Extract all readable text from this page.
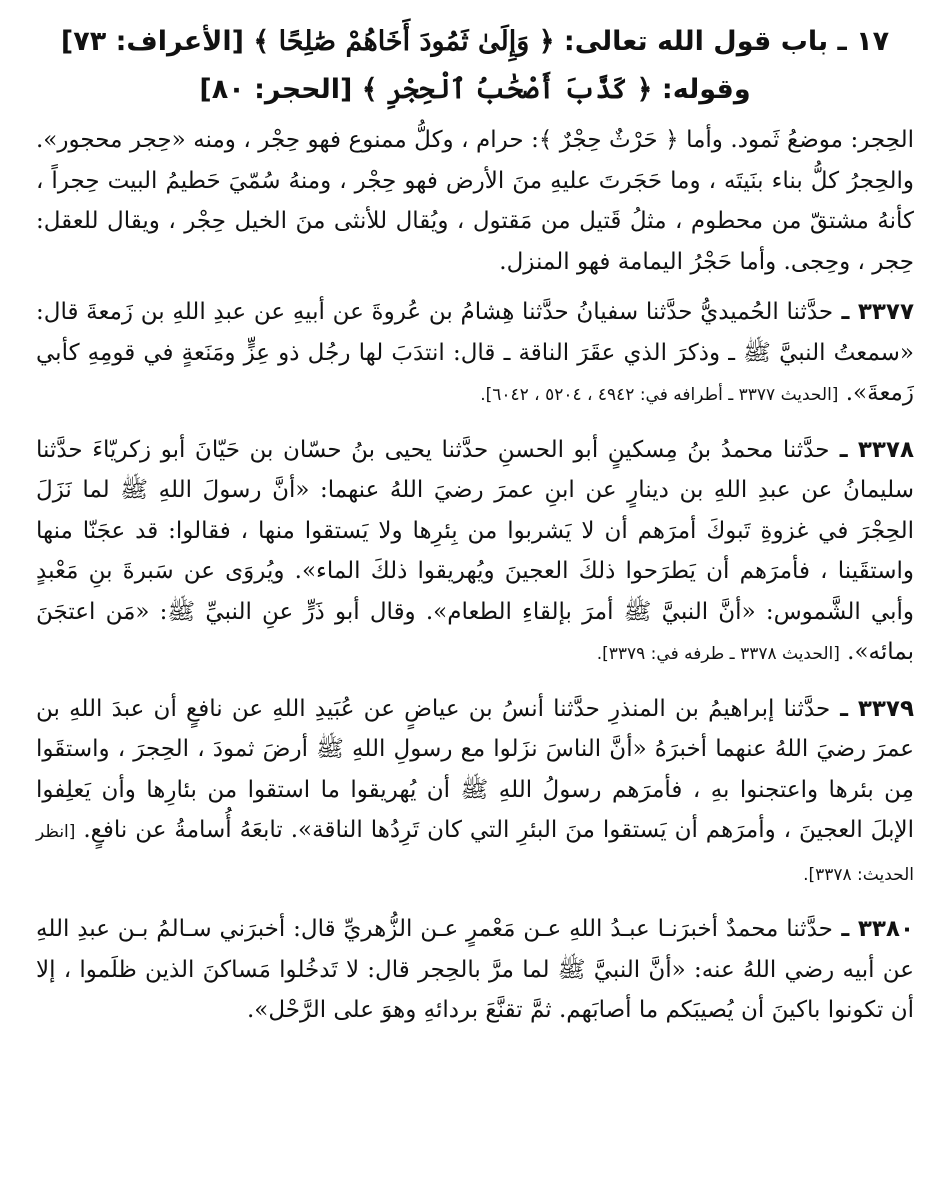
١٧ ـ باب قول الله تعالى: ﴿ وَإِلَىٰ ثَمُودَ أَخَاهُمْ صَٰلِحًا ﴾ [الأعراف: ٧٣] وقوله: ﴿ كَذَّبَ أَصْحَٰبُ ٱلْحِجْرِ ﴾ [الحجر: ٨٠]

الحِجر: موضعُ ثَمود. وأما ﴿ حَرْثٌ حِجْرٌ ﴾: حرام ، وكلُّ ممنوع فهو حِجْر ، ومنه «حِجر محجور». والحِجرُ كلُّ بناء بنَيتَه ، وما حَجَرتَ عليهِ منَ الأرض فهو حِجْر ، ومنهُ سُمّيَ حَطيمُ البيت حِجراً ، كأنهُ مشتقّ من محطوم ، مثلُ قَتيل من مَقتول ، ويُقال للأنثى منَ الخيل حِجْر ، ويقال للعقل: حِجر ، وحِجى. وأما حَجْرُ اليمامة فهو المنزل.

٣٣٧٧ ـ حدَّثنا الحُميديُّ حدَّثنا سفيانُ حدَّثنا هِشامُ بن عُروةَ عن أبيهِ عن عبدِ اللهِ بن زَمعةَ قال: «سمعتُ النبيَّ ﷺ ـ وذكرَ الذي عقَرَ الناقة ـ قال: انتدَبَ لها رجُل ذو عِزٍّ ومَنَعةٍ في قومِهِ كأبي زَمعةَ». [الحديث ٣٣٧٧ ـ أطرافه في: ٤٩٤٢ ، ٥٢٠٤ ، ٦٠٤٢].

٣٣٧٨ ـ حدَّثنا محمدُ بنُ مِسكينٍ أبو الحسنِ حدَّثنا يحيى بنُ حسّان بن حَيّانَ أبو زكريّاءَ حدَّثنا سليمانُ عن عبدِ اللهِ بن دينارٍ عن ابنِ عمرَ رضيَ اللهُ عنهما: «أنَّ رسولَ اللهِ ﷺ لما نَزَلَ الحِجْرَ في غزوةِ تَبوكَ أمرَهم أن لا يَشربوا من بِئرِها ولا يَستقوا منها ، فقالوا: قد عجَنّا منها واستقَينا ، فأمرَهم أن يَطرَحوا ذلكَ العجينَ ويُهريقوا ذلكَ الماء». ويُروَى عن سَبرةَ بنِ مَعْبدٍ وأبي الشَّموس: «أنَّ النبيَّ ﷺ أمرَ بإلقاءِ الطعام». وقال أبو ذَرٍّ عنِ النبيِّ ﷺ: «مَن اعتجَنَ بمائه». [الحديث ٣٣٧٨ ـ طرفه في: ٣٣٧٩].

٣٣٧٩ ـ حدَّثنا إبراهيمُ بن المنذرِ حدَّثنا أنسُ بن عياضٍ عن عُبَيدِ اللهِ عن نافعٍ أن عبدَ اللهِ بن عمرَ رضيَ اللهُ عنهما أخبرَهُ «أنَّ الناسَ نزَلوا مع رسولِ اللهِ ﷺ أرضَ ثمودَ ، الحِجرَ ، واستقَوا مِن بئرها واعتجنوا بهِ ، فأمرَهم رسولُ اللهِ ﷺ أن يُهريقوا ما استقوا من بئارِها وأن يَعلِفوا الإبلَ العجينَ ، وأمرَهم أن يَستقوا منَ البئرِ التي كان تَرِدُها الناقة». تابعَهُ أُسامةُ عن نافعٍ. [انظر الحديث: ٣٣٧٨].

٣٣٨٠ ـ حدَّثنا محمدٌ أخبرَنـا عبـدُ اللهِ عـن مَعْمرٍ عـن الزُّهريِّ قال: أخبرَني سـالمُ بـن عبدِ اللهِ عن أبيه رضي اللهُ عنه: «أنَّ النبيَّ ﷺ لما مرَّ بالحِجر قال: لا تَدخُلوا مَساكنَ الذين ظلَموا ، إلا أن تكونوا باكينَ أن يُصيبَكم ما أصابَهم. ثمَّ تقنَّعَ بردائهِ وهوَ على الرَّحْل».
